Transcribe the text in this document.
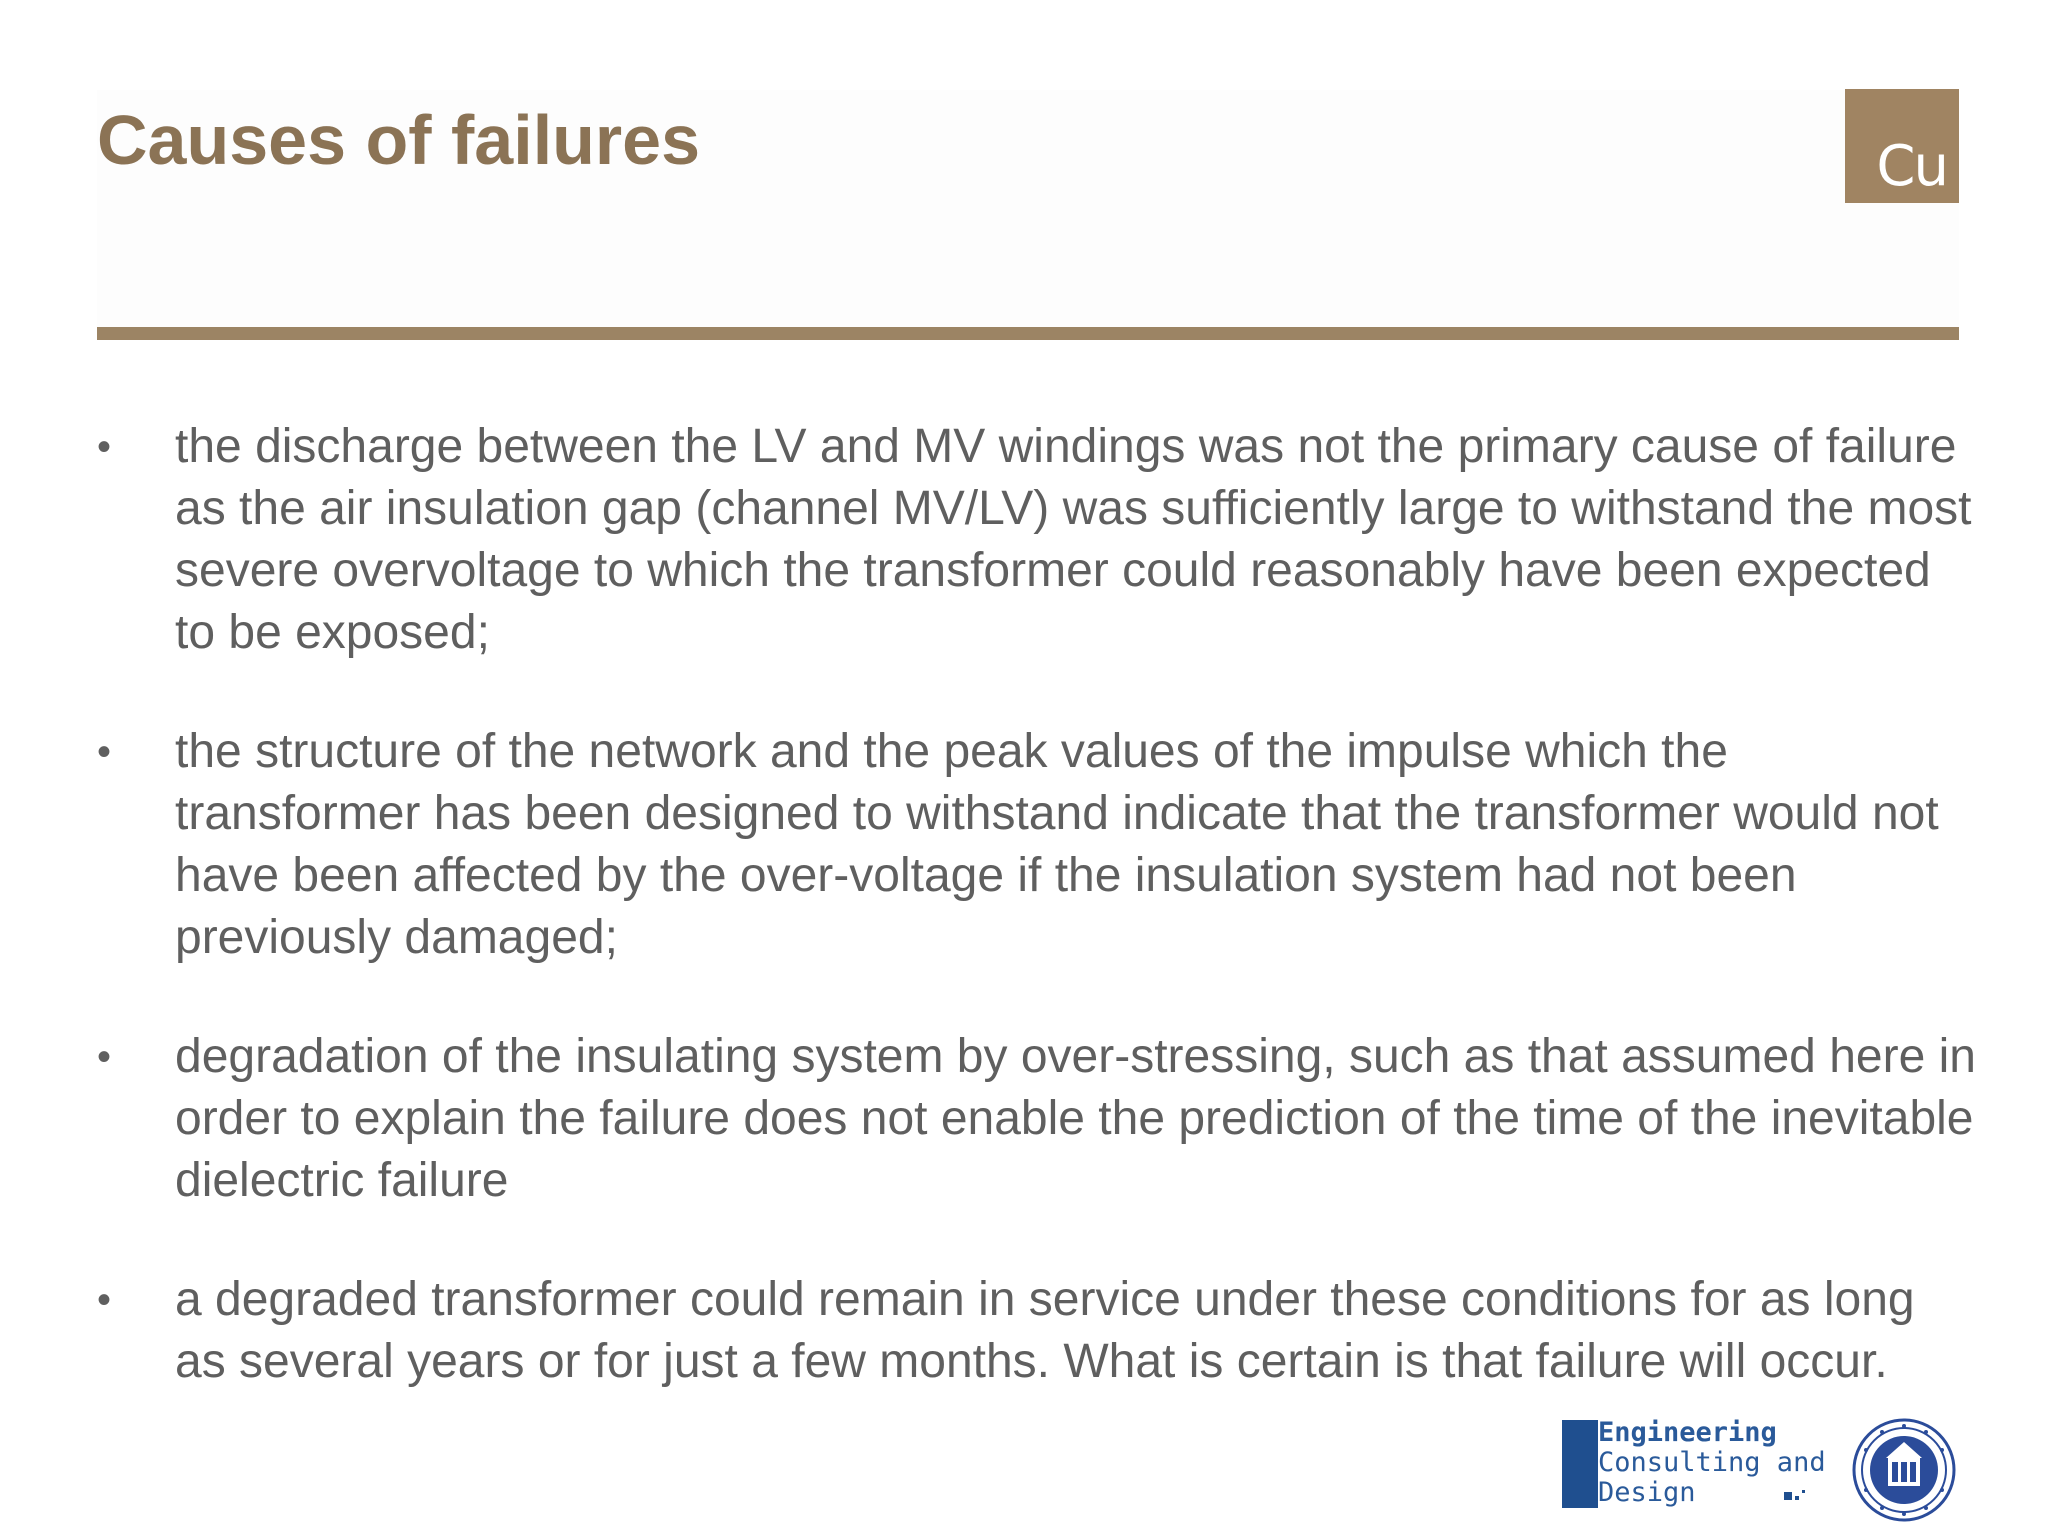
Causes of failures	Cu
• the discharge between the LV and MV windings was not the primary cause of failure as the air insulation gap (channel MV/LV) was sufficiently large to withstand the most severe overvoltage to which the transformer could reasonably have been expected to be exposed;
• the structure of the network and the peak values of the impulse which the transformer has been designed to withstand indicate that the transformer would not have been affected by the over-voltage if the insulation system had not been previously damaged;
• degradation of the insulating system by over-stressing, such as that assumed here in order to explain the failure does not enable the prediction of the time of the inevitable dielectric failure
• a degraded transformer could remain in service under these conditions for as long as several years or for just a few months. What is certain is that failure will occur.
Engineering
Consulting and
Design
